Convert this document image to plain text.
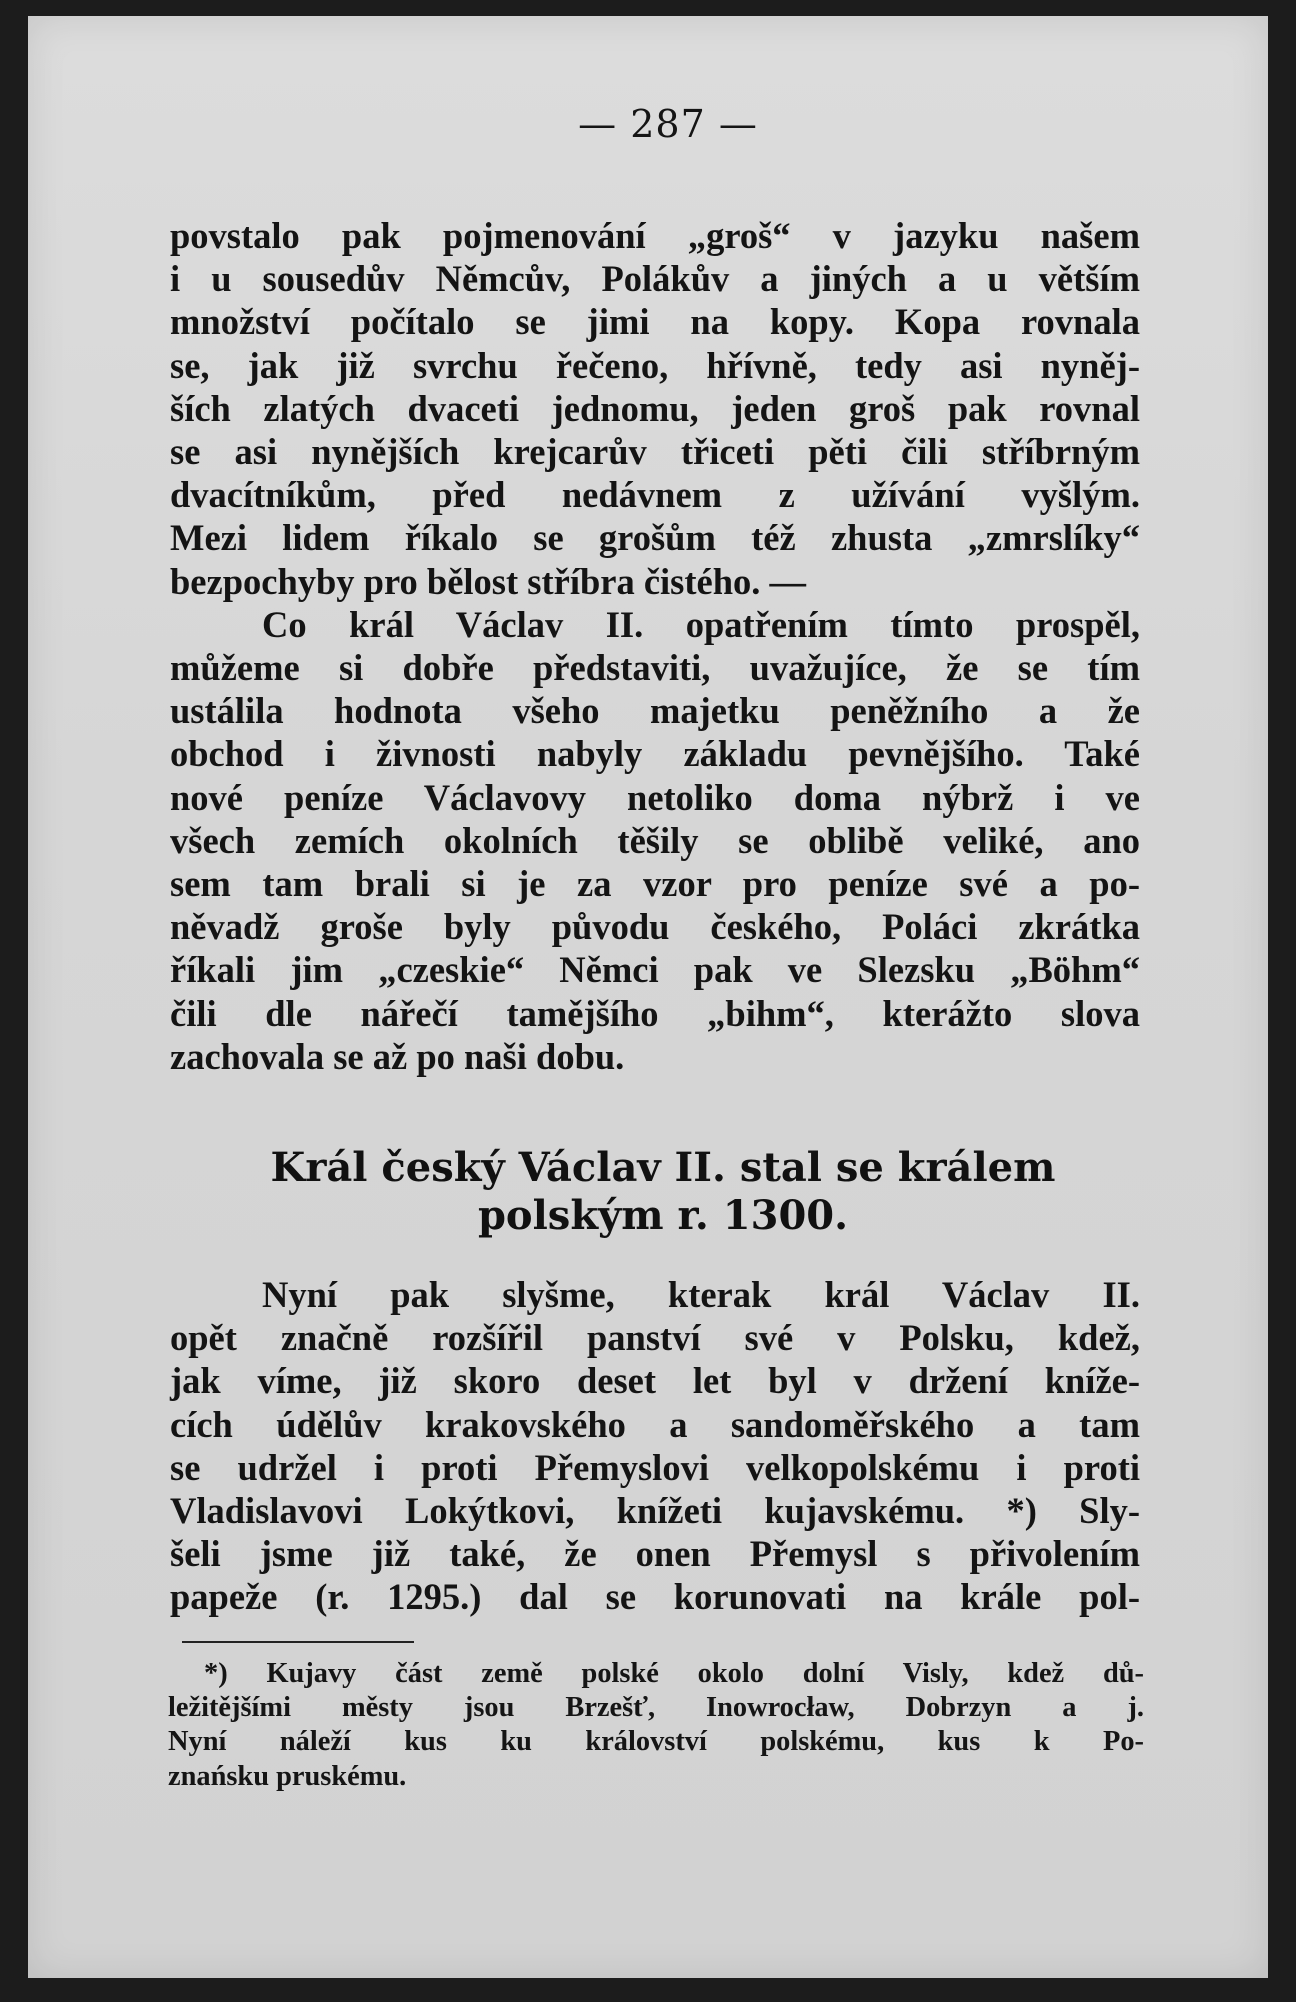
— 287 —
povstalo pak pojmenování „groš“ v jazyku našem
i u sousedův Němcův, Polákův a jiných a u větším
množství počítalo se jimi na kopy. Kopa rovnala
se, jak již svrchu řečeno, hřívně, tedy asi nyněj-
ších zlatých dvaceti jednomu, jeden groš pak rovnal
se asi nynějších krejcarův třiceti pěti čili stříbrným
dvacítníkům, před nedávnem z užívání vyšlým.
Mezi lidem říkalo se grošům též zhusta „zmrslíky“
bezpochyby pro bělost stříbra čistého. —
Co král Václav II. opatřením tímto prospěl,
můžeme si dobře představiti, uvažujíce, že se tím
ustálila hodnota všeho majetku peněžního a že
obchod i živnosti nabyly základu pevnějšího. Také
nové peníze Václavovy netoliko doma nýbrž i ve
všech zemích okolních těšily se oblibě veliké, ano
sem tam brali si je za vzor pro peníze své a po-
něvadž groše byly původu českého, Poláci zkrátka
říkali jim „czeskie“ Němci pak ve Slezsku „Böhm“
čili dle nářečí tamějšího „bihm“, kterážto slova
zachovala se až po naši dobu.
Král český Václav II. stal se králem
polským r. 1300.
Nyní pak slyšme, kterak král Václav II.
opět značně rozšířil panství své v Polsku, kdež,
jak víme, již skoro deset let byl v držení kníže-
cích údělův krakovského a sandoměřského a tam
se udržel i proti Přemyslovi velkopolskému i proti
Vladislavovi Lokýtkovi, knížeti kujavskému. *) Sly-
šeli jsme již také, že onen Přemysl s přivolením
papeže (r. 1295.) dal se korunovati na krále pol-
*) Kujavy část země polské okolo dolní Visly, kdež dů-
ležitějšími městy jsou Brzešť, Inowrocław, Dobrzyn a j.
Nyní náleží kus ku království polskému, kus k Po-
znańsku pruskému.
